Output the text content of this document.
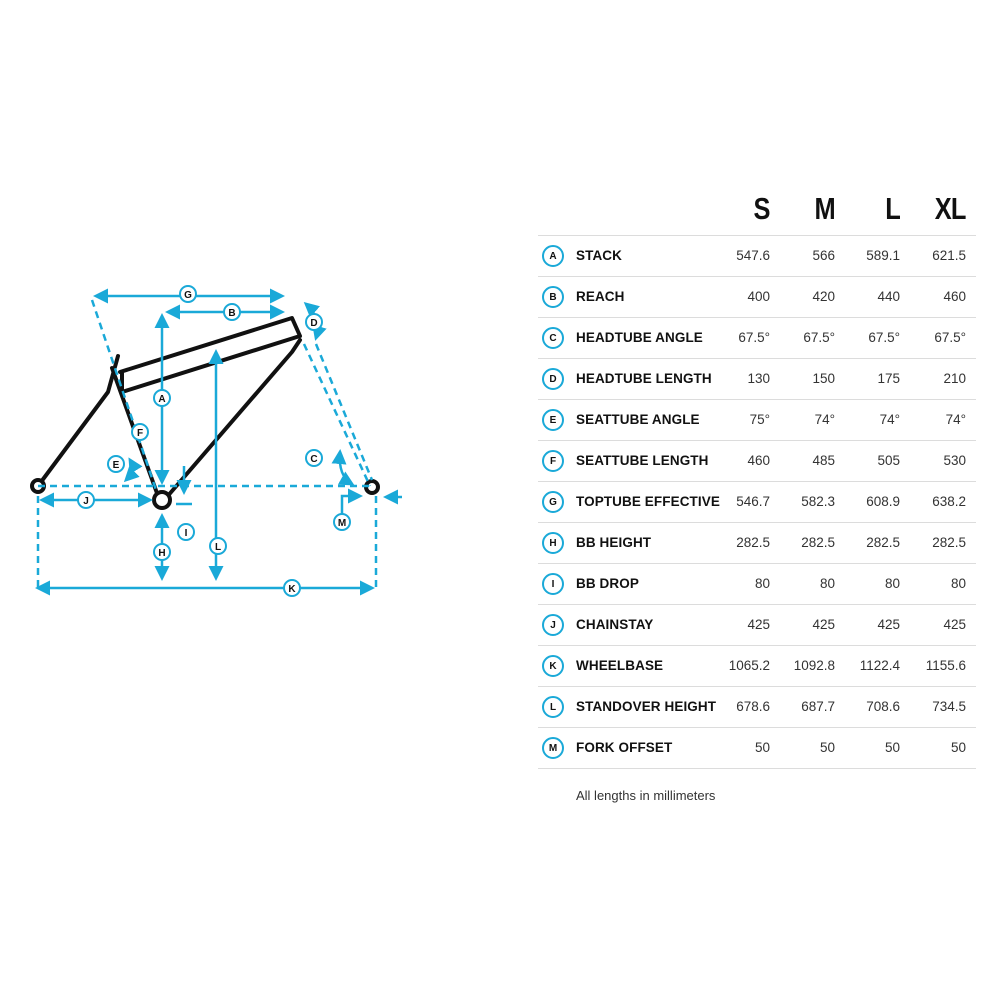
G
B
D
A
F
E
C
J
I
M
H
L
K
S M L XL
A	STACK	547.6	566	589.1	621.5
B	REACH	400	420	440	460
C	HEADTUBE ANGLE	67.5°	67.5°	67.5°	67.5°
D	HEADTUBE LENGTH	130	150	175	210
E	SEATTUBE ANGLE	75°	74°	74°	74°
F	SEATTUBE LENGTH	460	485	505	530
G	TOPTUBE EFFECTIVE	546.7	582.3	608.9	638.2
H	BB HEIGHT	282.5	282.5	282.5	282.5
I	BB DROP	80	80	80	80
J	CHAINSTAY	425	425	425	425
K	WHEELBASE	1065.2	1092.8	1122.4	1155.6
L	STANDOVER HEIGHT	678.6	687.7	708.6	734.5
M	FORK OFFSET	50	50	50	50
All lengths in millimeters
